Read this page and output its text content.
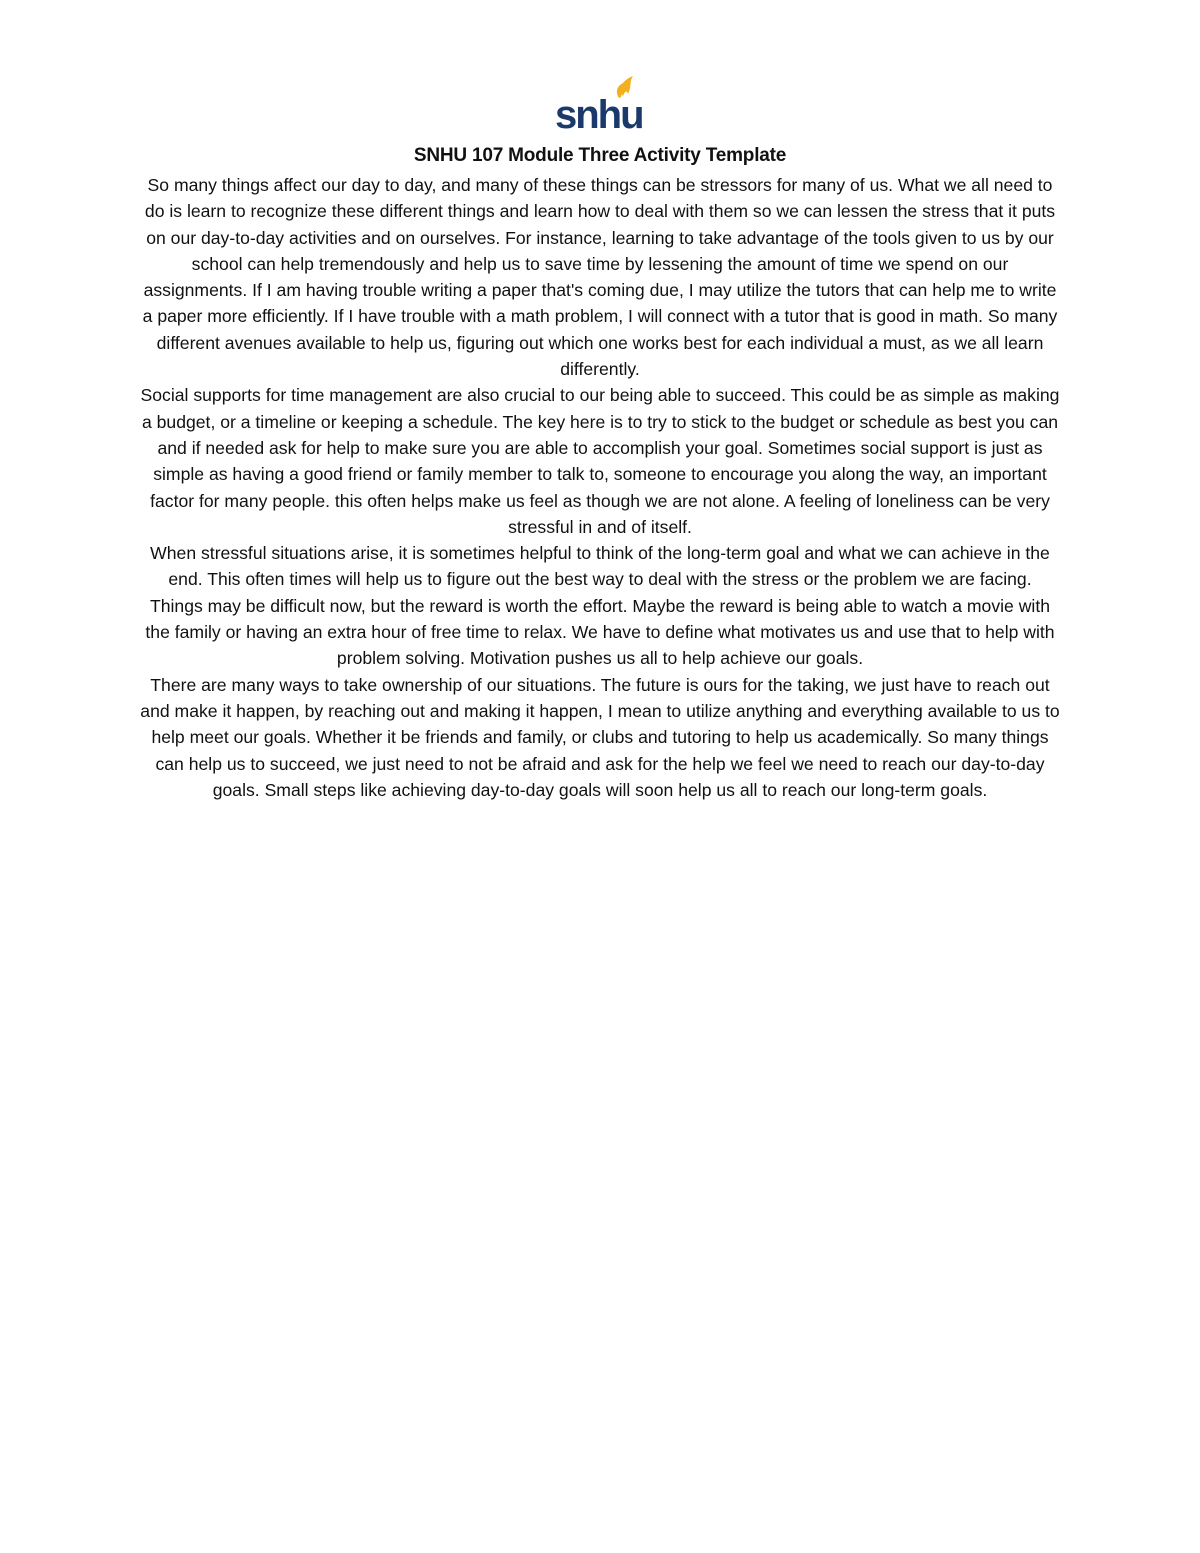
snhu
SNHU 107 Module Three Activity Template

So many things affect our day to day, and many of these things can be stressors for many of us. What we all need to do is learn to recognize these different things and learn how to deal with them so we can lessen the stress that it puts on our day-to-day activities and on ourselves. For instance, learning to take advantage of the tools given to us by our school can help tremendously and help us to save time by lessening the amount of time we spend on our assignments. If I am having trouble writing a paper that's coming due, I may utilize the tutors that can help me to write a paper more efficiently. If I have trouble with a math problem, I will connect with a tutor that is good in math. So many different avenues available to help us, figuring out which one works best for each individual a must, as we all learn differently.

Social supports for time management are also crucial to our being able to succeed. This could be as simple as making a budget, or a timeline or keeping a schedule. The key here is to try to stick to the budget or schedule as best you can and if needed ask for help to make sure you are able to accomplish your goal. Sometimes social support is just as simple as having a good friend or family member to talk to, someone to encourage you along the way, an important factor for many people. this often helps make us feel as though we are not alone. A feeling of loneliness can be very stressful in and of itself.

When stressful situations arise, it is sometimes helpful to think of the long-term goal and what we can achieve in the end. This often times will help us to figure out the best way to deal with the stress or the problem we are facing. Things may be difficult now, but the reward is worth the effort. Maybe the reward is being able to watch a movie with the family or having an extra hour of free time to relax. We have to define what motivates us and use that to help with problem solving. Motivation pushes us all to help achieve our goals.

There are many ways to take ownership of our situations. The future is ours for the taking, we just have to reach out and make it happen, by reaching out and making it happen, I mean to utilize anything and everything available to us to help meet our goals. Whether it be friends and family, or clubs and tutoring to help us academically. So many things can help us to succeed, we just need to not be afraid and ask for the help we feel we need to reach our day-to-day goals. Small steps like achieving day-to-day goals will soon help us all to reach our long-term goals.
